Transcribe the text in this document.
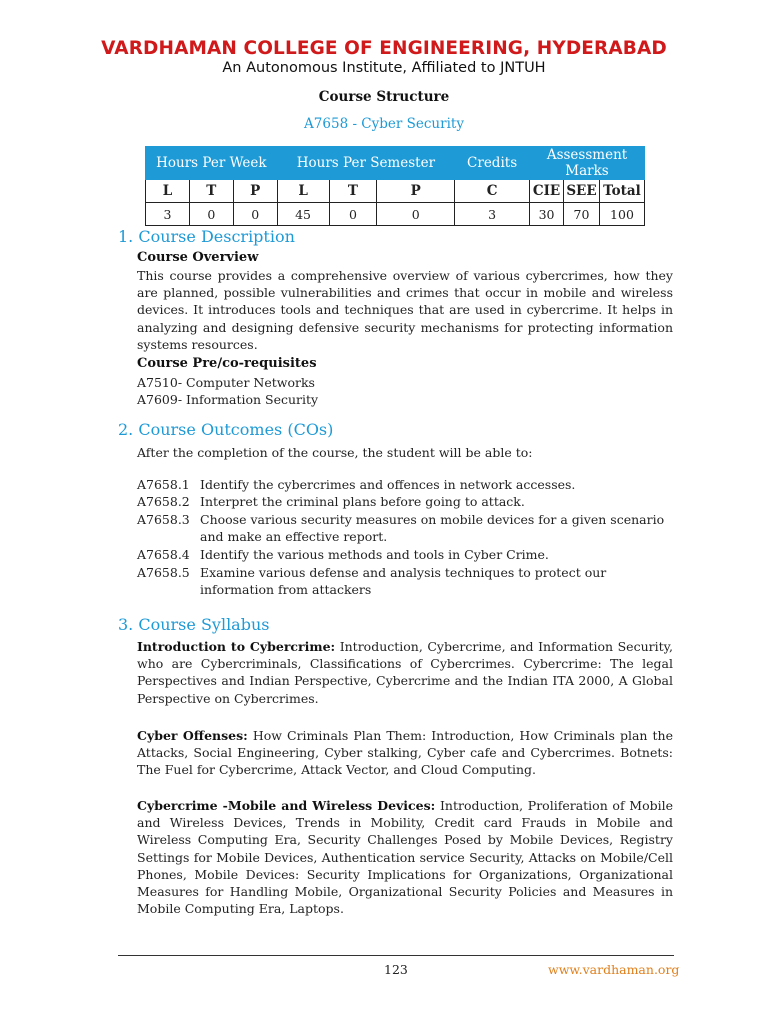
VARDHAMAN COLLEGE OF ENGINEERING, HYDERABAD
An Autonomous Institute, Affiliated to JNTUH
Course Structure
A7658 - Cyber Security
Hours Per Week			Hours Per Semester			Credits	Assessment Marks		
L	T	P	L	T	P	C	CIE	SEE	Total
3	0	0	45	0	0	3	30	70	100
1. Course Description
Course Overview
This course provides a comprehensive overview of various cybercrimes, how they are planned, possible vulnerabilities and crimes that occur in mobile and wireless devices. It introduces tools and techniques that are used in cybercrime. It helps in analyzing and designing defensive security mechanisms for protecting information systems resources.
Course Pre/co-requisites
A7510- Computer Networks
A7609- Information Security
2. Course Outcomes (COs)
After the completion of the course, the student will be able to:
A7658.1 Identify the cybercrimes and offences in network accesses.
A7658.2 Interpret the criminal plans before going to attack.
A7658.3 Choose various security measures on mobile devices for a given scenario and make an effective report.
A7658.4 Identify the various methods and tools in Cyber Crime.
A7658.5 Examine various defense and analysis techniques to protect our information from attackers
3. Course Syllabus
Introduction to Cybercrime: Introduction, Cybercrime, and Information Security, who are Cybercriminals, Classifications of Cybercrimes. Cybercrime: The legal Perspectives and Indian Perspective, Cybercrime and the Indian ITA 2000, A Global Perspective on Cybercrimes.
Cyber Offenses: How Criminals Plan Them: Introduction, How Criminals plan the Attacks, Social Engineering, Cyber stalking, Cyber cafe and Cybercrimes. Botnets: The Fuel for Cybercrime, Attack Vector, and Cloud Computing.
Cybercrime -Mobile and Wireless Devices: Introduction, Proliferation of Mobile and Wireless Devices, Trends in Mobility, Credit card Frauds in Mobile and Wireless Computing Era, Security Challenges Posed by Mobile Devices, Registry Settings for Mobile Devices, Authentication service Security, Attacks on Mobile/Cell Phones, Mobile Devices: Security Implications for Organizations, Organizational Measures for Handling Mobile, Organizational Security Policies and Measures in Mobile Computing Era, Laptops.
123	www.vardhaman.org
